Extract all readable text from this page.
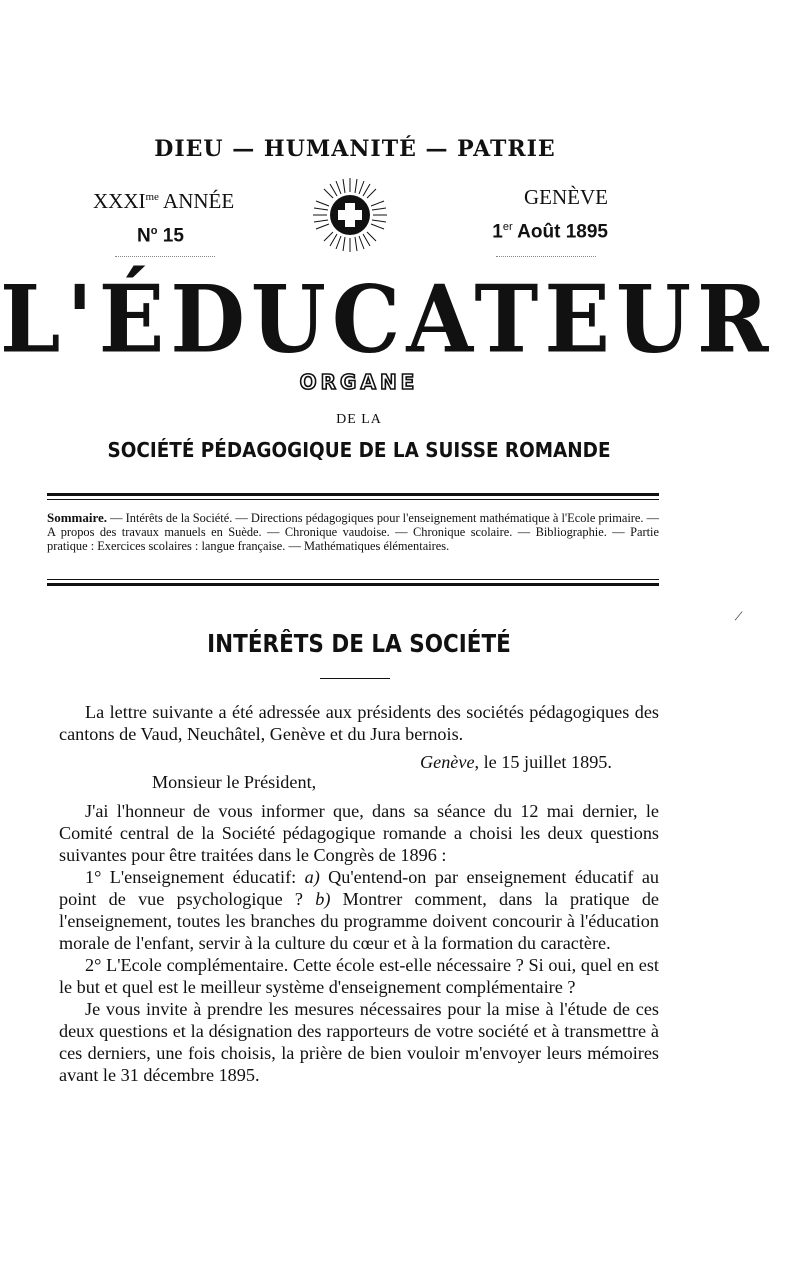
DIEU — HUMANITÉ — PATRIE
$XXXI^{me}$ ANNÉE
$N^o$ 15
GENÈVE
1er Août 1895
L'ÉDUCATEUR
ORGANE
DE LA
SOCIÉTÉ PÉDAGOGIQUE DE LA SUISSE ROMANDE
Sommaire. — Intérêts de la Société. — Directions pédagogiques pour l'enseignement mathématique à l'Ecole primaire. — A propos des travaux manuels en Suède. — Chronique vaudoise. — Chronique scolaire. — Bibliographie. — Partie pratique : Exercices scolaires : langue française. — Mathématiques élémentaires.
/
INTÉRÊTS DE LA SOCIÉTÉ

La lettre suivante a été adressée aux présidents des sociétés pédagogiques des cantons de Vaud, Neuchâtel, Genève et du Jura bernois.

Genève, le 15 juillet 1895.
Monsieur le Président,

J'ai l'honneur de vous informer que, dans sa séance du 12 mai dernier, le Comité central de la Société pédagogique romande a choisi les deux questions suivantes pour être traitées dans le Congrès de 1896 :

1° L'enseignement éducatif: a) Qu'entend-on par enseignement éducatif au point de vue psychologique ? b) Montrer comment, dans la pratique de l'enseignement, toutes les branches du programme doivent concourir à l'éducation morale de l'enfant, servir à la culture du cœur et à la formation du caractère.

2° L'Ecole complémentaire. Cette école est-elle nécessaire ? Si oui, quel en est le but et quel est le meilleur système d'enseignement complémentaire ?

Je vous invite à prendre les mesures nécessaires pour la mise à l'étude de ces deux questions et la désignation des rapporteurs de votre société et à transmettre à ces derniers, une fois choisis, la prière de bien vouloir m'envoyer leurs mémoires avant le 31 décembre 1895.
